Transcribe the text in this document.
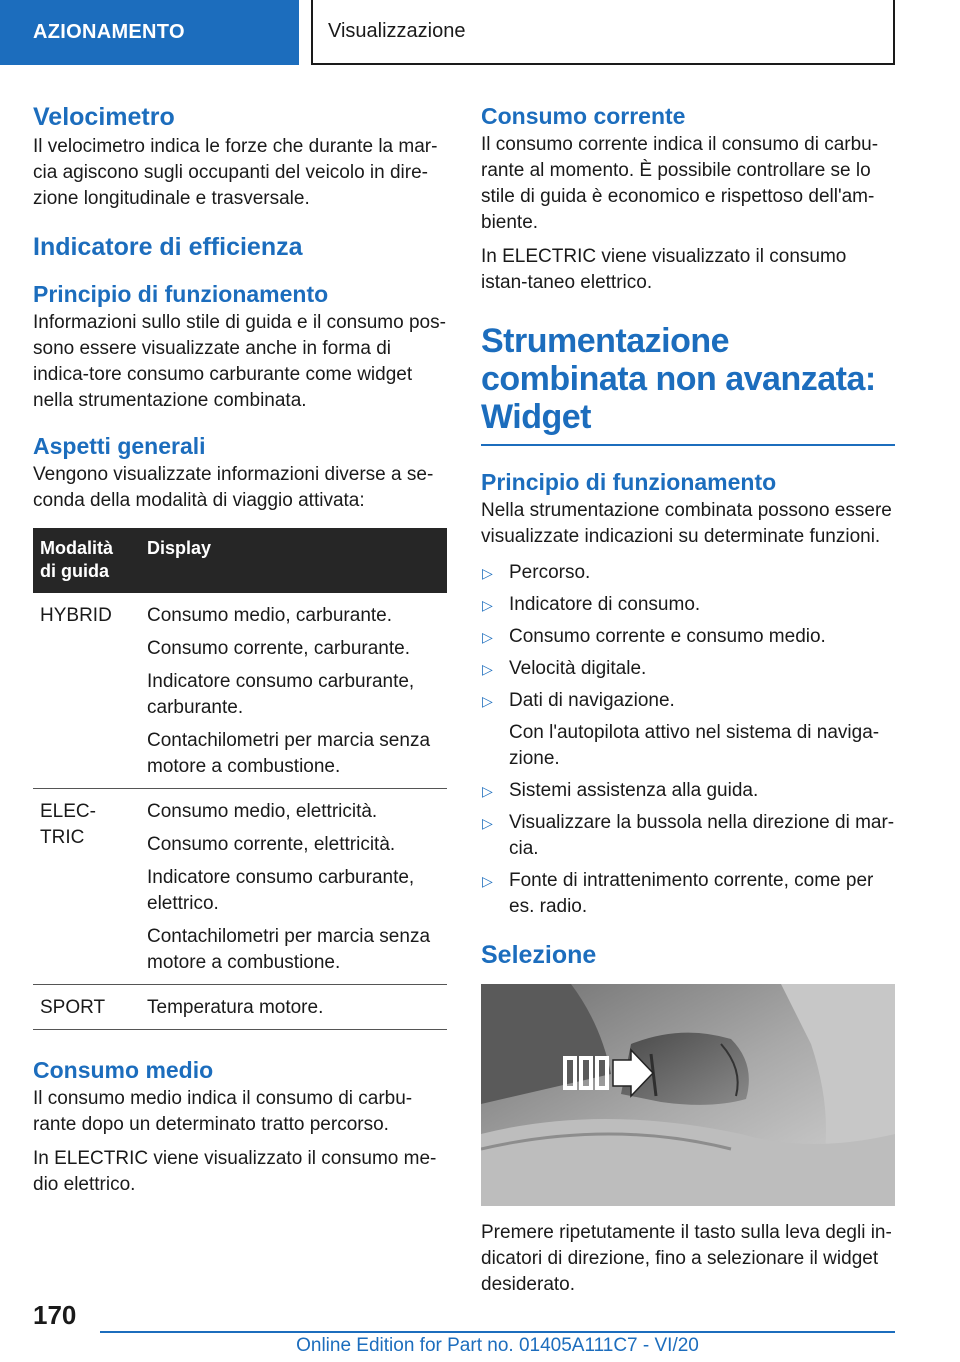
AZIONAMENTO	Visualizzazione
Velocimetro

Il velocimetro indica le forze che durante la mar-cia agiscono sugli occupanti del veicolo in dire-zione longitudinale e trasversale.

Indicatore di efficienza
Principio di funzionamento

Informazioni sullo stile di guida e il consumo pos-sono essere visualizzate anche in forma di indica-tore consumo carburante come widget nella strumentazione combinata.

Aspetti generali

Vengono visualizzate informazioni diverse a se-conda della modalità di viaggio attivata:

Modalità di guida	Display
HYBRID	Consumo medio, carburante.

Consumo corrente, carburante.

Indicatore consumo carburante, carburante.

Contachilometri per marcia senza motore a combustione.

ELEC-TRIC	Consumo medio, elettricità.

Consumo corrente, elettricità.

Indicatore consumo carburante, elettrico.

Contachilometri per marcia senza motore a combustione.

SPORT	Temperatura motore.

Consumo medio

Il consumo medio indica il consumo di carbu-rante dopo un determinato tratto percorso.

In ELECTRIC viene visualizzato il consumo me-dio elettrico.

Consumo corrente

Il consumo corrente indica il consumo di carbu-rante al momento. È possibile controllare se lo stile di guida è economico e rispettoso dell'am-biente.

In ELECTRIC viene visualizzato il consumo istan-taneo elettrico.

Strumentazione combinata non avanzata: Widget
Principio di funzionamento

Nella strumentazione combinata possono essere visualizzate indicazioni su determinate funzioni.

▷ Percorso.
▷ Indicatore di consumo.
▷ Consumo corrente e consumo medio.
▷ Velocità digitale.
▷ Dati di navigazione.
Con l'autopilota attivo nel sistema di naviga-zione.
▷ Sistemi assistenza alla guida.
▷ Visualizzare la bussola nella direzione di mar-cia.
▷ Fonte di intrattenimento corrente, come per es. radio.
Selezione

Premere ripetutamente il tasto sulla leva degli in-dicatori di direzione, fino a selezionare il widget desiderato.

170
Online Edition for Part no. 01405A111C7 - VI/20
